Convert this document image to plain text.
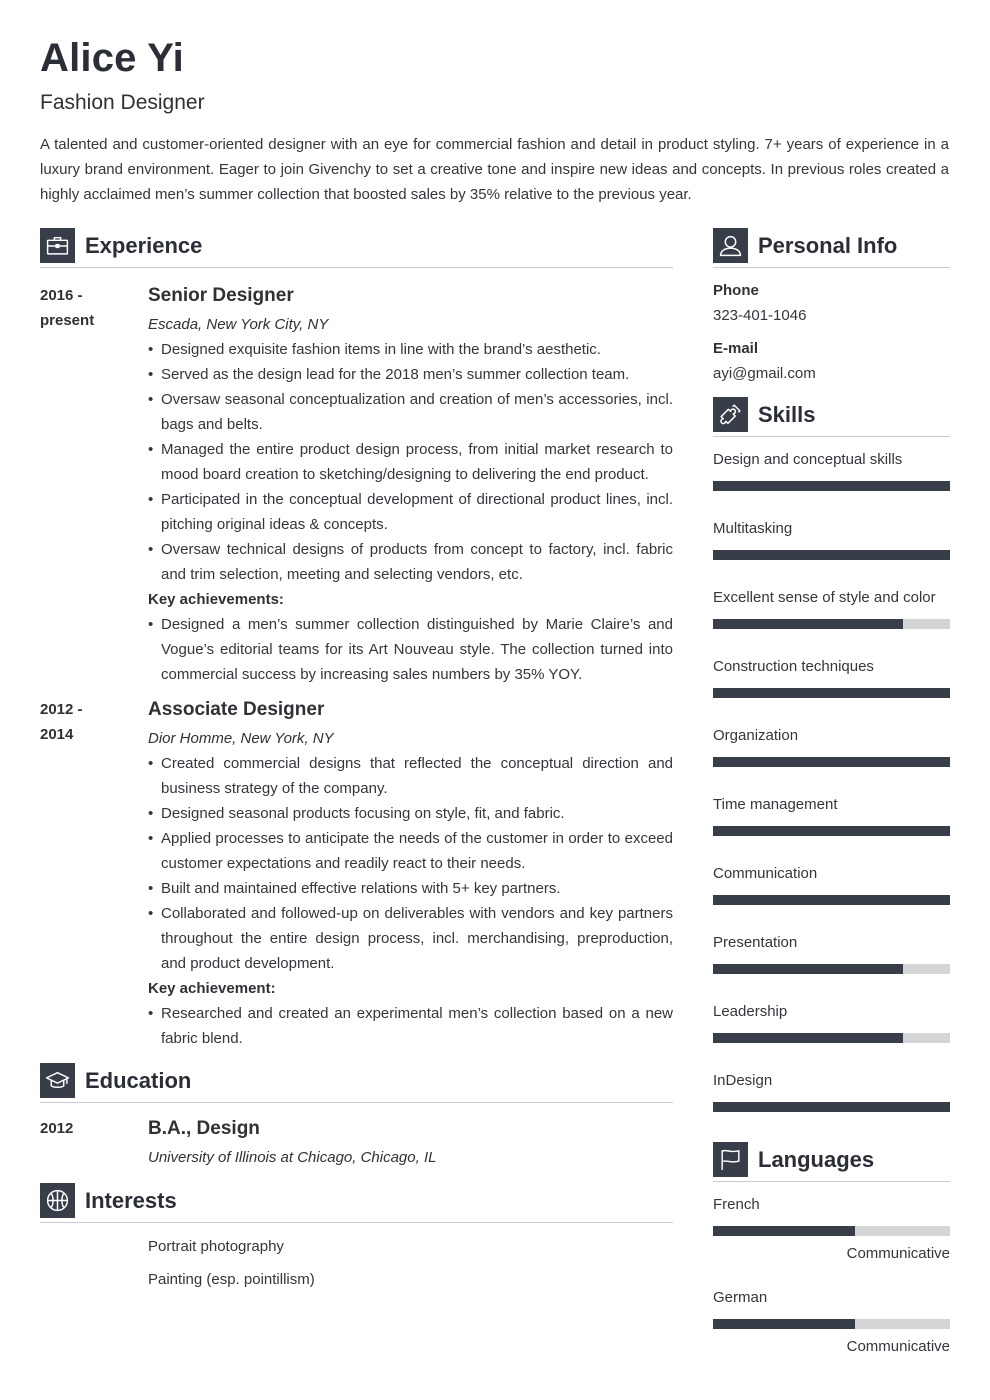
Alice Yi
Fashion Designer
A talented and customer-oriented designer with an eye for commercial fashion and detail in product styling. 7+ years of experience in a luxury brand environment. Eager to join Givenchy to set a creative tone and inspire new ideas and concepts. In previous roles created a highly acclaimed men’s summer collection that boosted sales by 35% relative to the previous year.
Experience
2016 -
present
Senior Designer
Escada, New York City, NY
• Designed exquisite fashion items in line with the brand’s aesthetic.
• Served as the design lead for the 2018 men’s summer collection team.
• Oversaw seasonal conceptualization and creation of men’s accessories, incl. bags and belts.
• Managed the entire product design process, from initial market research to mood board creation to sketching/designing to delivering the end product.
• Participated in the conceptual development of directional product lines, incl. pitching original ideas & concepts.
• Oversaw technical designs of products from concept to factory, incl. fabric and trim selection, meeting and selecting vendors, etc.
Key achievements:
• Designed a men’s summer collection distinguished by Marie Claire’s and Vogue’s editorial teams for its Art Nouveau style. The collection turned into commercial success by increasing sales numbers by 35% YOY.
2012 -
2014
Associate Designer
Dior Homme, New York, NY
• Created commercial designs that reflected the conceptual direction and business strategy of the company.
• Designed seasonal products focusing on style, fit, and fabric.
• Applied processes to anticipate the needs of the customer in order to exceed customer expectations and readily react to their needs.
• Built and maintained effective relations with 5+ key partners.
• Collaborated and followed-up on deliverables with vendors and key partners throughout the entire design process, incl. merchandising, preproduction, and product development.
Key achievement:
• Researched and created an experimental men’s collection based on a new fabric blend.
Education
2012	B.A., Design
University of Illinois at Chicago, Chicago, IL
Interests
Portrait photography
Painting (esp. pointillism)
Personal Info
Phone
323-401-1046
E-mail
ayi@gmail.com
Skills
Design and conceptual skills
Multitasking
Excellent sense of style and color
Construction techniques
Organization
Time management
Communication
Presentation
Leadership
InDesign
Languages
French
Communicative
German
Communicative
